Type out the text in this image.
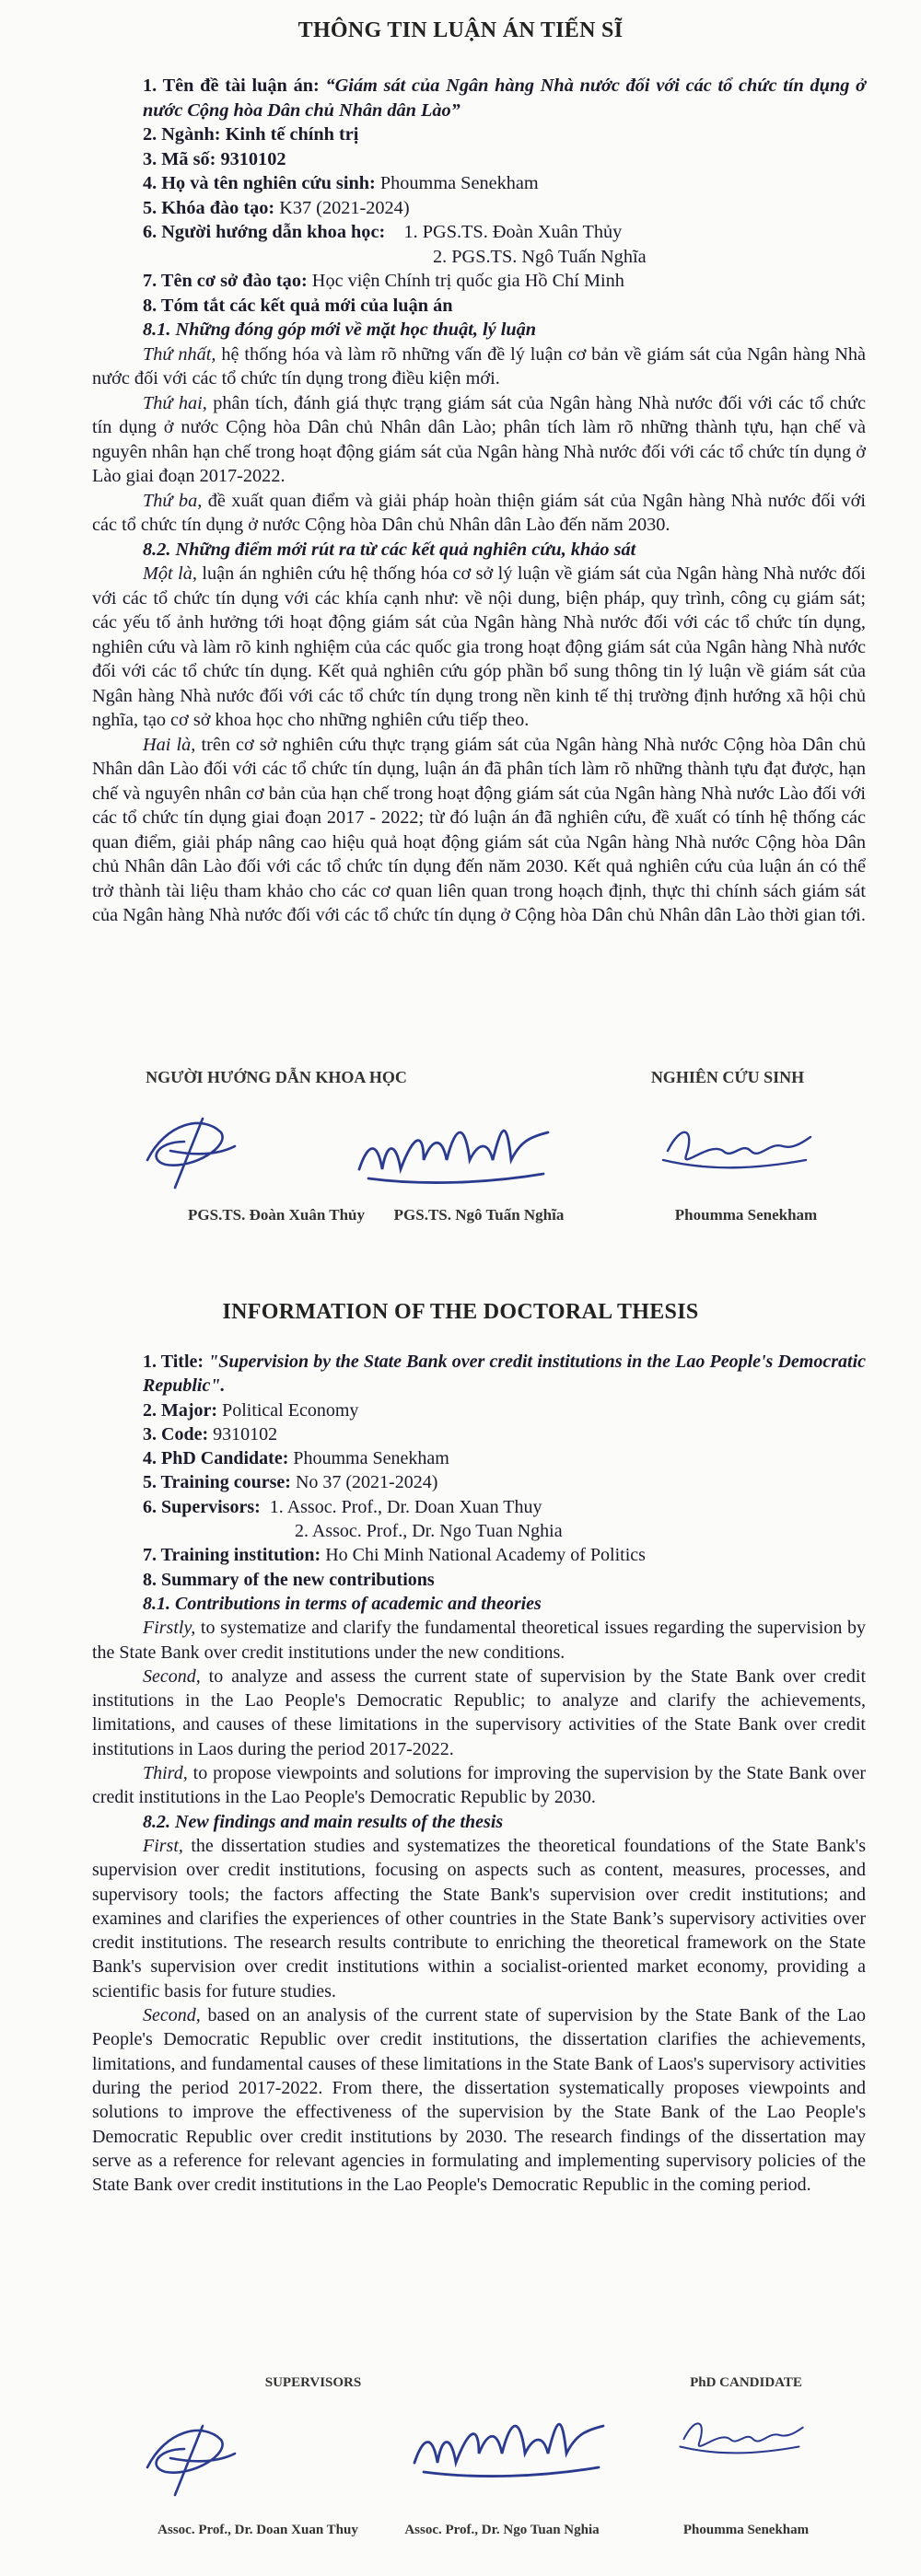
THÔNG TIN LUẬN ÁN TIẾN SĨ

1. Tên đề tài luận án: “Giám sát của Ngân hàng Nhà nước đối với các tổ chức tín dụng ở nước Cộng hòa Dân chủ Nhân dân Lào”

2. Ngành: Kinh tế chính trị

3. Mã số: 9310102

4. Họ và tên nghiên cứu sinh: Phoumma Senekham

5. Khóa đào tạo: K37 (2021-2024)

6. Người hướng dẫn khoa học: 1. PGS.TS. Đoàn Xuân Thủy

2. PGS.TS. Ngô Tuấn Nghĩa

7. Tên cơ sở đào tạo: Học viện Chính trị quốc gia Hồ Chí Minh

8. Tóm tắt các kết quả mới của luận án

8.1. Những đóng góp mới về mặt học thuật, lý luận

Thứ nhất, hệ thống hóa và làm rõ những vấn đề lý luận cơ bản về giám sát của Ngân hàng Nhà nước đối với các tổ chức tín dụng trong điều kiện mới.

Thứ hai, phân tích, đánh giá thực trạng giám sát của Ngân hàng Nhà nước đối với các tổ chức tín dụng ở nước Cộng hòa Dân chủ Nhân dân Lào; phân tích làm rõ những thành tựu, hạn chế và nguyên nhân hạn chế trong hoạt động giám sát của Ngân hàng Nhà nước đối với các tổ chức tín dụng ở Lào giai đoạn 2017-2022.

Thứ ba, đề xuất quan điểm và giải pháp hoàn thiện giám sát của Ngân hàng Nhà nước đối với các tổ chức tín dụng ở nước Cộng hòa Dân chủ Nhân dân Lào đến năm 2030.

8.2. Những điểm mới rút ra từ các kết quả nghiên cứu, khảo sát

Một là, luận án nghiên cứu hệ thống hóa cơ sở lý luận về giám sát của Ngân hàng Nhà nước đối với các tổ chức tín dụng với các khía cạnh như: về nội dung, biện pháp, quy trình, công cụ giám sát; các yếu tố ảnh hưởng tới hoạt động giám sát của Ngân hàng Nhà nước đối với các tổ chức tín dụng, nghiên cứu và làm rõ kinh nghiệm của các quốc gia trong hoạt động giám sát của Ngân hàng Nhà nước đối với các tổ chức tín dụng. Kết quả nghiên cứu góp phần bổ sung thông tin lý luận về giám sát của Ngân hàng Nhà nước đối với các tổ chức tín dụng trong nền kinh tế thị trường định hướng xã hội chủ nghĩa, tạo cơ sở khoa học cho những nghiên cứu tiếp theo.

Hai là, trên cơ sở nghiên cứu thực trạng giám sát của Ngân hàng Nhà nước Cộng hòa Dân chủ Nhân dân Lào đối với các tổ chức tín dụng, luận án đã phân tích làm rõ những thành tựu đạt được, hạn chế và nguyên nhân cơ bản của hạn chế trong hoạt động giám sát của Ngân hàng Nhà nước Lào đối với các tổ chức tín dụng giai đoạn 2017 - 2022; từ đó luận án đã nghiên cứu, đề xuất có tính hệ thống các quan điểm, giải pháp nâng cao hiệu quả hoạt động giám sát của Ngân hàng Nhà nước Cộng hòa Dân chủ Nhân dân Lào đối với các tổ chức tín dụng đến năm 2030. Kết quả nghiên cứu của luận án có thể trở thành tài liệu tham khảo cho các cơ quan liên quan trong hoạch định, thực thi chính sách giám sát của Ngân hàng Nhà nước đối với các tổ chức tín dụng ở Cộng hòa Dân chủ Nhân dân Lào thời gian tới.

NGƯỜI HƯỚNG DẪN KHOA HỌC	NGHIÊN CỨU SINH
PGS.TS. Đoàn Xuân Thủy	PGS.TS. Ngô Tuấn Nghĩa	Phoumma Senekham
INFORMATION OF THE DOCTORAL THESIS

1. Title: "Supervision by the State Bank over credit institutions in the Lao People's Democratic Republic".

2. Major: Political Economy

3. Code: 9310102

4. PhD Candidate: Phoumma Senekham

5. Training course: No 37 (2021-2024)

6. Supervisors: 1. Assoc. Prof., Dr. Doan Xuan Thuy

2. Assoc. Prof., Dr. Ngo Tuan Nghia

7. Training institution: Ho Chi Minh National Academy of Politics

8. Summary of the new contributions

8.1. Contributions in terms of academic and theories

Firstly, to systematize and clarify the fundamental theoretical issues regarding the supervision by the State Bank over credit institutions under the new conditions.

Second, to analyze and assess the current state of supervision by the State Bank over credit institutions in the Lao People's Democratic Republic; to analyze and clarify the achievements, limitations, and causes of these limitations in the supervisory activities of the State Bank over credit institutions in Laos during the period 2017-2022.

Third, to propose viewpoints and solutions for improving the supervision by the State Bank over credit institutions in the Lao People's Democratic Republic by 2030.

8.2. New findings and main results of the thesis

First, the dissertation studies and systematizes the theoretical foundations of the State Bank's supervision over credit institutions, focusing on aspects such as content, measures, processes, and supervisory tools; the factors affecting the State Bank's supervision over credit institutions; and examines and clarifies the experiences of other countries in the State Bank’s supervisory activities over credit institutions. The research results contribute to enriching the theoretical framework on the State Bank's supervision over credit institutions within a socialist-oriented market economy, providing a scientific basis for future studies.

Second, based on an analysis of the current state of supervision by the State Bank of the Lao People's Democratic Republic over credit institutions, the dissertation clarifies the achievements, limitations, and fundamental causes of these limitations in the State Bank of Laos's supervisory activities during the period 2017-2022. From there, the dissertation systematically proposes viewpoints and solutions to improve the effectiveness of the supervision by the State Bank of the Lao People's Democratic Republic over credit institutions by 2030. The research findings of the dissertation may serve as a reference for relevant agencies in formulating and implementing supervisory policies of the State Bank over credit institutions in the Lao People's Democratic Republic in the coming period.

SUPERVISORS	PhD CANDIDATE
Assoc. Prof., Dr. Doan Xuan Thuy	Assoc. Prof., Dr. Ngo Tuan Nghia	Phoumma Senekham
